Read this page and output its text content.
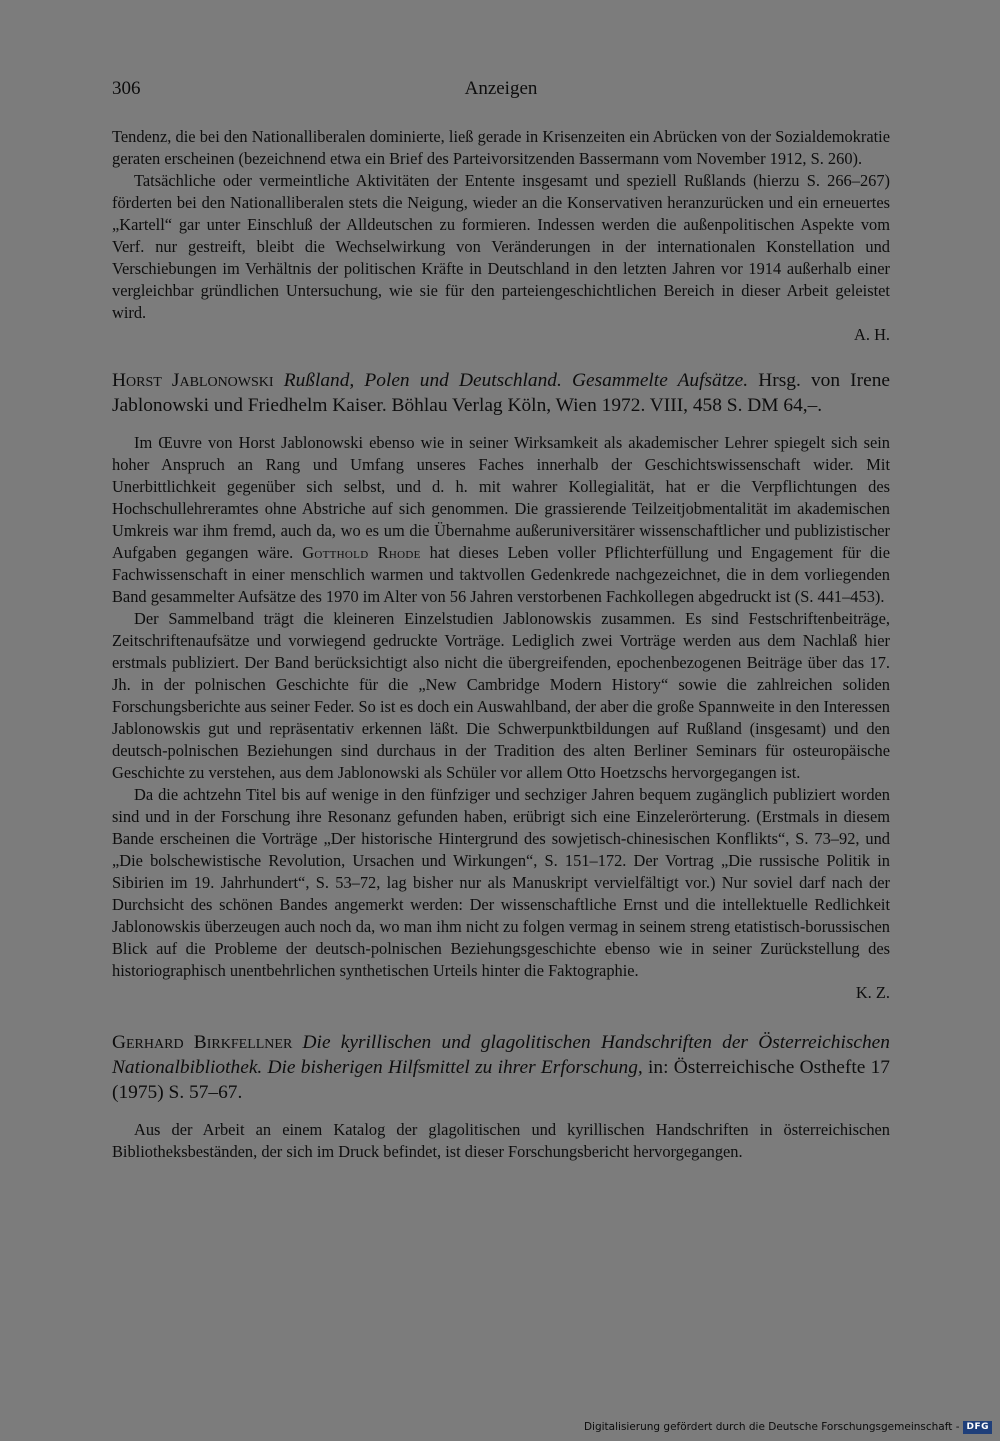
306	Anzeigen

Tendenz, die bei den Nationalliberalen dominierte, ließ gerade in Krisenzeiten ein Abrücken von der Sozialdemokratie geraten erscheinen (bezeichnend etwa ein Brief des Parteivorsitzenden Bassermann vom November 1912, S. 260).

Tatsächliche oder vermeintliche Aktivitäten der Entente insgesamt und speziell Rußlands (hierzu S. 266–267) förderten bei den Nationalliberalen stets die Neigung, wieder an die Konservativen heranzurücken und ein erneuertes „Kartell“ gar unter Einschluß der Alldeutschen zu formieren. Indessen werden die außenpolitischen Aspekte vom Verf. nur gestreift, bleibt die Wechselwirkung von Veränderungen in der internationalen Konstellation und Verschiebungen im Verhältnis der politischen Kräfte in Deutschland in den letzten Jahren vor 1914 außerhalb einer vergleichbar gründlichen Untersuchung, wie sie für den parteiengeschichtlichen Bereich in dieser Arbeit geleistet wird.

A. H.

Horst Jablonowski Rußland, Polen und Deutschland. Gesammelte Aufsätze. Hrsg. von Irene Jablonowski und Friedhelm Kaiser. Böhlau Verlag Köln, Wien 1972. VIII, 458 S. DM 64,–.

Im Œuvre von Horst Jablonowski ebenso wie in seiner Wirksamkeit als akademischer Lehrer spiegelt sich sein hoher Anspruch an Rang und Umfang unseres Faches innerhalb der Geschichtswissenschaft wider. Mit Unerbittlichkeit gegenüber sich selbst, und d. h. mit wahrer Kollegialität, hat er die Verpflichtungen des Hochschullehreramtes ohne Abstriche auf sich genommen. Die grassierende Teilzeitjobmentalität im akademischen Umkreis war ihm fremd, auch da, wo es um die Übernahme außeruniversitärer wissenschaftlicher und publizistischer Aufgaben gegangen wäre. Gotthold Rhode hat dieses Leben voller Pflichterfüllung und Engagement für die Fachwissenschaft in einer menschlich warmen und taktvollen Gedenkrede nachgezeichnet, die in dem vorliegenden Band gesammelter Aufsätze des 1970 im Alter von 56 Jahren verstorbenen Fachkollegen abgedruckt ist (S. 441–453).

Der Sammelband trägt die kleineren Einzelstudien Jablonowskis zusammen. Es sind Festschriftenbeiträge, Zeitschriftenaufsätze und vorwiegend gedruckte Vorträge. Lediglich zwei Vorträge werden aus dem Nachlaß hier erstmals publiziert. Der Band berücksichtigt also nicht die übergreifenden, epochenbezogenen Beiträge über das 17. Jh. in der polnischen Geschichte für die „New Cambridge Modern History“ sowie die zahlreichen soliden Forschungsberichte aus seiner Feder. So ist es doch ein Auswahlband, der aber die große Spannweite in den Interessen Jablonowskis gut und repräsentativ erkennen läßt. Die Schwerpunktbildungen auf Rußland (insgesamt) und den deutsch-polnischen Beziehungen sind durchaus in der Tradition des alten Berliner Seminars für osteuropäische Geschichte zu verstehen, aus dem Jablonowski als Schüler vor allem Otto Hoetzschs hervorgegangen ist.

Da die achtzehn Titel bis auf wenige in den fünfziger und sechziger Jahren bequem zugänglich publiziert worden sind und in der Forschung ihre Resonanz gefunden haben, erübrigt sich eine Einzelerörterung. (Erstmals in diesem Bande erscheinen die Vorträge „Der historische Hintergrund des sowjetisch-chinesischen Konflikts“, S. 73–92, und „Die bolschewistische Revolution, Ursachen und Wirkungen“, S. 151–172. Der Vortrag „Die russische Politik in Sibirien im 19. Jahrhundert“, S. 53–72, lag bisher nur als Manuskript vervielfältigt vor.) Nur soviel darf nach der Durchsicht des schönen Bandes angemerkt werden: Der wissenschaftliche Ernst und die intellektuelle Redlichkeit Jablonowskis überzeugen auch noch da, wo man ihm nicht zu folgen vermag in seinem streng etatistisch-borussischen Blick auf die Probleme der deutsch-polnischen Beziehungsgeschichte ebenso wie in seiner Zurückstellung des historiographisch unentbehrlichen synthetischen Urteils hinter die Faktographie.

K. Z.

Gerhard Birkfellner Die kyrillischen und glagolitischen Handschriften der Österreichischen Nationalbibliothek. Die bisherigen Hilfsmittel zu ihrer Erforschung, in: Österreichische Osthefte 17 (1975) S. 57–67.

Aus der Arbeit an einem Katalog der glagolitischen und kyrillischen Handschriften in österreichischen Bibliotheksbeständen, der sich im Druck befindet, ist dieser Forschungsbericht hervorgegangen.

Digitalisierung gefördert durch die Deutsche Forschungsgemeinschaft - DFG
